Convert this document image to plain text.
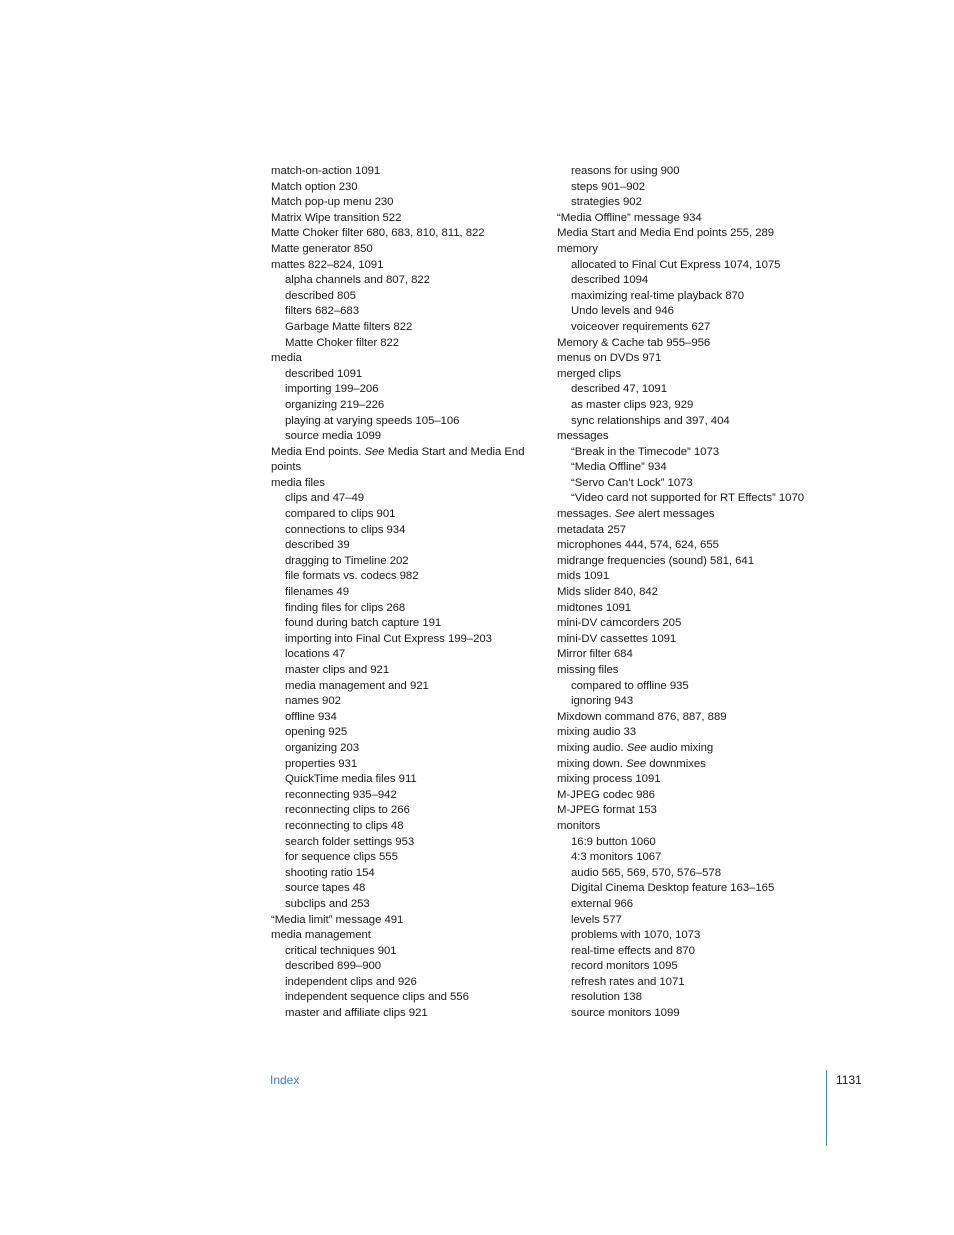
match-on-action 1091
Match option 230
Match pop-up menu 230
Matrix Wipe transition 522
Matte Choker filter 680, 683, 810, 811, 822
Matte generator 850
mattes 822–824, 1091
alpha channels and 807, 822
described 805
filters 682–683
Garbage Matte filters 822
Matte Choker filter 822
media
described 1091
importing 199–206
organizing 219–226
playing at varying speeds 105–106
source media 1099
Media End points. See Media Start and Media End points
media files
clips and 47–49
compared to clips 901
connections to clips 934
described 39
dragging to Timeline 202
file formats vs. codecs 982
filenames 49
finding files for clips 268
found during batch capture 191
importing into Final Cut Express 199–203
locations 47
master clips and 921
media management and 921
names 902
offline 934
opening 925
organizing 203
properties 931
QuickTime media files 911
reconnecting 935–942
reconnecting clips to 266
reconnecting to clips 48
search folder settings 953
for sequence clips 555
shooting ratio 154
source tapes 48
subclips and 253
“Media limit” message 491
media management
critical techniques 901
described 899–900
independent clips and 926
independent sequence clips and 556
master and affiliate clips 921
reasons for using 900
steps 901–902
strategies 902
“Media Offline” message 934
Media Start and Media End points 255, 289
memory
allocated to Final Cut Express 1074, 1075
described 1094
maximizing real-time playback 870
Undo levels and 946
voiceover requirements 627
Memory & Cache tab 955–956
menus on DVDs 971
merged clips
described 47, 1091
as master clips 923, 929
sync relationships and 397, 404
messages
“Break in the Timecode” 1073
“Media Offline” 934
“Servo Can’t Lock” 1073
“Video card not supported for RT Effects” 1070
messages. See alert messages
metadata 257
microphones 444, 574, 624, 655
midrange frequencies (sound) 581, 641
mids 1091
Mids slider 840, 842
midtones 1091
mini-DV camcorders 205
mini-DV cassettes 1091
Mirror filter 684
missing files
compared to offline 935
ignoring 943
Mixdown command 876, 887, 889
mixing audio 33
mixing audio. See audio mixing
mixing down. See downmixes
mixing process 1091
M-JPEG codec 986
M-JPEG format 153
monitors
16:9 button 1060
4:3 monitors 1067
audio 565, 569, 570, 576–578
Digital Cinema Desktop feature 163–165
external 966
levels 577
problems with 1070, 1073
real-time effects and 870
record monitors 1095
refresh rates and 1071
resolution 138
source monitors 1099
Index	1131
